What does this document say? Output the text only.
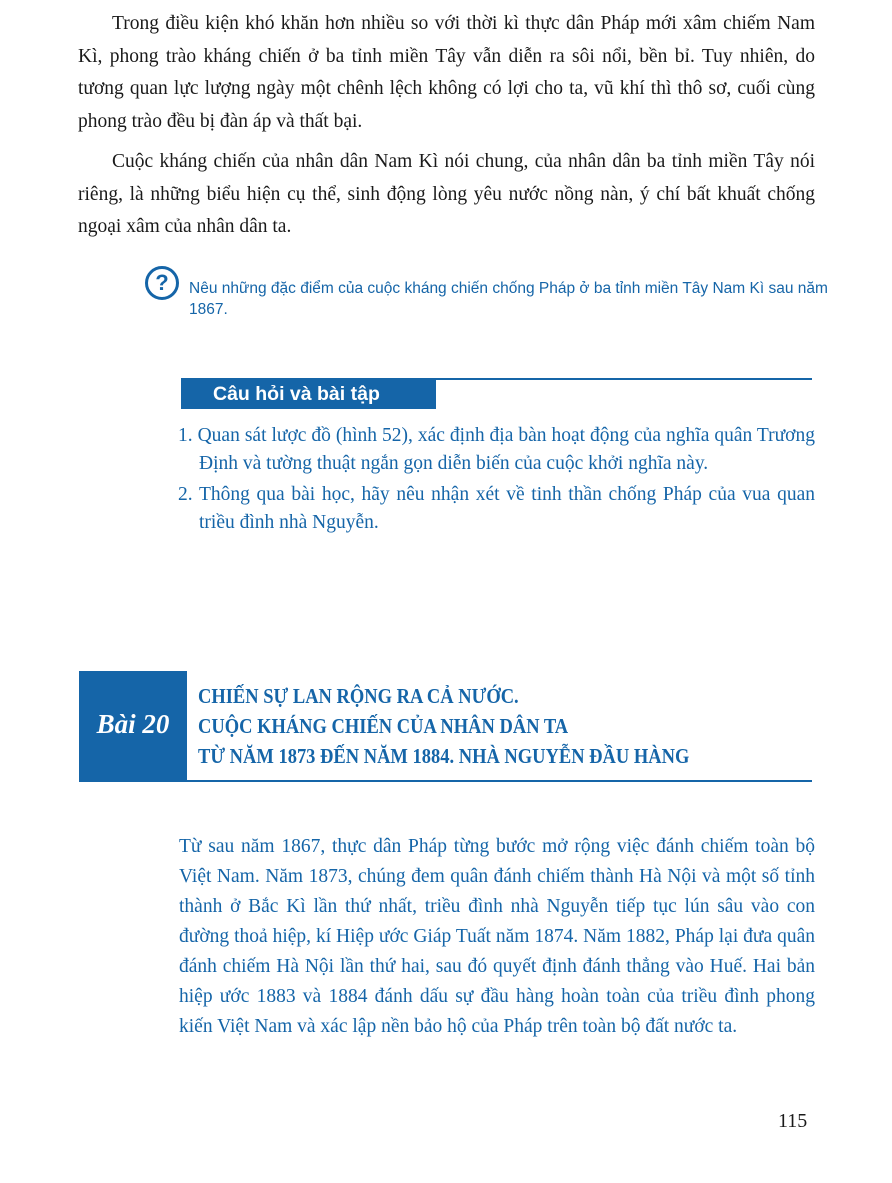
Trong điều kiện khó khăn hơn nhiều so với thời kì thực dân Pháp mới xâm chiếm Nam Kì, phong trào kháng chiến ở ba tỉnh miền Tây vẫn diễn ra sôi nổi, bền bỉ. Tuy nhiên, do tương quan lực lượng ngày một chênh lệch không có lợi cho ta, vũ khí thì thô sơ, cuối cùng phong trào đều bị đàn áp và thất bại.

Cuộc kháng chiến của nhân dân Nam Kì nói chung, của nhân dân ba tỉnh miền Tây nói riêng, là những biểu hiện cụ thể, sinh động lòng yêu nước nồng nàn, ý chí bất khuất chống ngoại xâm của nhân dân ta.

?	Nêu những đặc điểm của cuộc kháng chiến chống Pháp ở ba tỉnh miền Tây Nam Kì sau năm 1867.

Câu hỏi và bài tập
1. Quan sát lược đồ (hình 52), xác định địa bàn hoạt động của nghĩa quân Trương Định và tường thuật ngắn gọn diễn biến của cuộc khởi nghĩa này.
2. Thông qua bài học, hãy nêu nhận xét về tinh thần chống Pháp của vua quan triều đình nhà Nguyễn.
Bài 20
CHIẾN SỰ LAN RỘNG RA CẢ NƯỚC.
CUỘC KHÁNG CHIẾN CỦA NHÂN DÂN TA
TỪ NĂM 1873 ĐẾN NĂM 1884. NHÀ NGUYỄN ĐẦU HÀNG

Từ sau năm 1867, thực dân Pháp từng bước mở rộng việc đánh chiếm toàn bộ Việt Nam. Năm 1873, chúng đem quân đánh chiếm thành Hà Nội và một số tỉnh thành ở Bắc Kì lần thứ nhất, triều đình nhà Nguyễn tiếp tục lún sâu vào con đường thoả hiệp, kí Hiệp ước Giáp Tuất năm 1874. Năm 1882, Pháp lại đưa quân đánh chiếm Hà Nội lần thứ hai, sau đó quyết định đánh thẳng vào Huế. Hai bản hiệp ước 1883 và 1884 đánh dấu sự đầu hàng hoàn toàn của triều đình phong kiến Việt Nam và xác lập nền bảo hộ của Pháp trên toàn bộ đất nước ta.

115
